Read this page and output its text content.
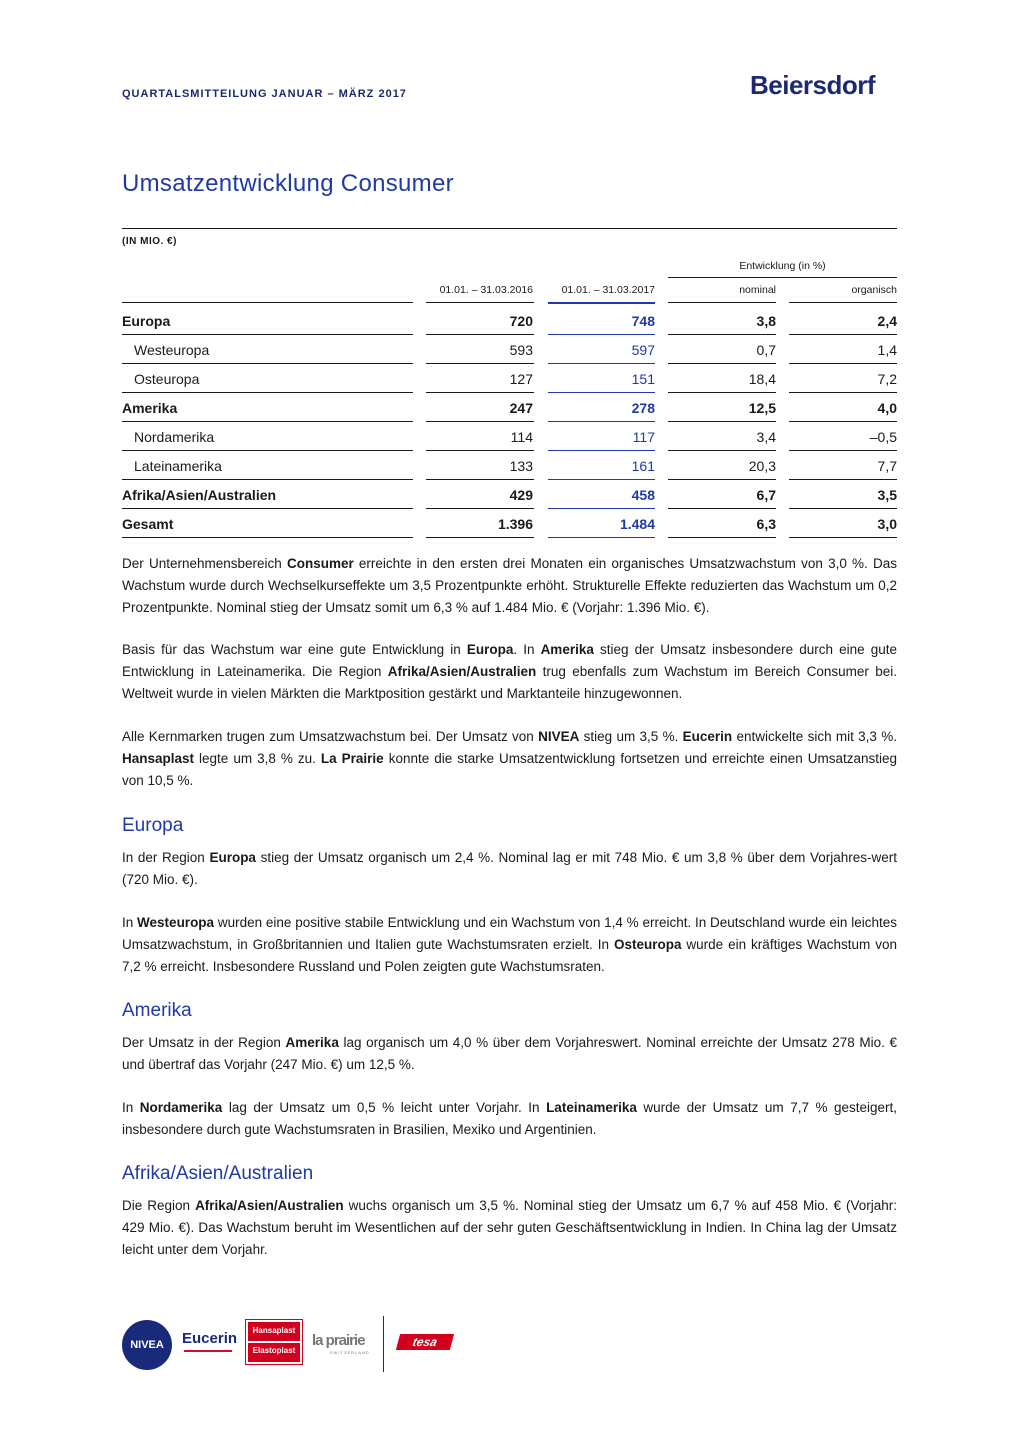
QUARTALSMITTEILUNG JANUAR – MÄRZ 2017	Beiersdorf
Umsatzentwicklung Consumer
(IN MIO. €)
Entwicklung (in %)
01.01. – 31.03.2016	01.01. – 31.03.2017	nominal	organisch
Europa	720	748	3,8	2,4
Westeuropa	593	597	0,7	1,4
Osteuropa	127	151	18,4	7,2
Amerika	247	278	12,5	4,0
Nordamerika	114	117	3,4	–0,5
Lateinamerika	133	161	20,3	7,7
Afrika/Asien/Australien	429	458	6,7	3,5
Gesamt	1.396	1.484	6,3	3,0

Der Unternehmensbereich Consumer erreichte in den ersten drei Monaten ein organisches Umsatzwachstum von 3,0 %. Das Wachstum wurde durch Wechselkurseffekte um 3,5 Prozentpunkte erhöht. Strukturelle Effekte reduzierten das Wachstum um 0,2 Prozentpunkte. Nominal stieg der Umsatz somit um 6,3 % auf 1.484 Mio. € (Vorjahr: 1.396 Mio. €).

Basis für das Wachstum war eine gute Entwicklung in Europa. In Amerika stieg der Umsatz insbesondere durch eine gute Entwicklung in Lateinamerika. Die Region Afrika/Asien/Australien trug ebenfalls zum Wachstum im Bereich Consumer bei. Weltweit wurde in vielen Märkten die Marktposition gestärkt und Marktanteile hinzugewonnen.

Alle Kernmarken trugen zum Umsatzwachstum bei. Der Umsatz von NIVEA stieg um 3,5 %. Eucerin entwickelte sich mit 3,3 %. Hansaplast legte um 3,8 % zu. La Prairie konnte die starke Umsatzentwicklung fortsetzen und erreichte einen Umsatzanstieg von 10,5 %.

Europa

In der Region Europa stieg der Umsatz organisch um 2,4 %. Nominal lag er mit 748 Mio. € um 3,8 % über dem Vorjahres-wert (720 Mio. €).

In Westeuropa wurden eine positive stabile Entwicklung und ein Wachstum von 1,4 % erreicht. In Deutschland wurde ein leichtes Umsatzwachstum, in Großbritannien und Italien gute Wachstumsraten erzielt. In Osteuropa wurde ein kräftiges Wachstum von 7,2 % erreicht. Insbesondere Russland und Polen zeigten gute Wachstumsraten.

Amerika

Der Umsatz in der Region Amerika lag organisch um 4,0 % über dem Vorjahreswert. Nominal erreichte der Umsatz 278 Mio. € und übertraf das Vorjahr (247 Mio. €) um 12,5 %.

In Nordamerika lag der Umsatz um 0,5 % leicht unter Vorjahr. In Lateinamerika wurde der Umsatz um 7,7 % gesteigert, insbesondere durch gute Wachstumsraten in Brasilien, Mexiko und Argentinien.

Afrika/Asien/Australien

Die Region Afrika/Asien/Australien wuchs organisch um 3,5 %. Nominal stieg der Umsatz um 6,7 % auf 458 Mio. € (Vorjahr: 429 Mio. €). Das Wachstum beruht im Wesentlichen auf der sehr guten Geschäftsentwicklung in Indien. In China lag der Umsatz leicht unter dem Vorjahr.

NIVEA	Eucerin	Hansaplast
Elastoplast
la prairie
SWITZERLAND
tesa
